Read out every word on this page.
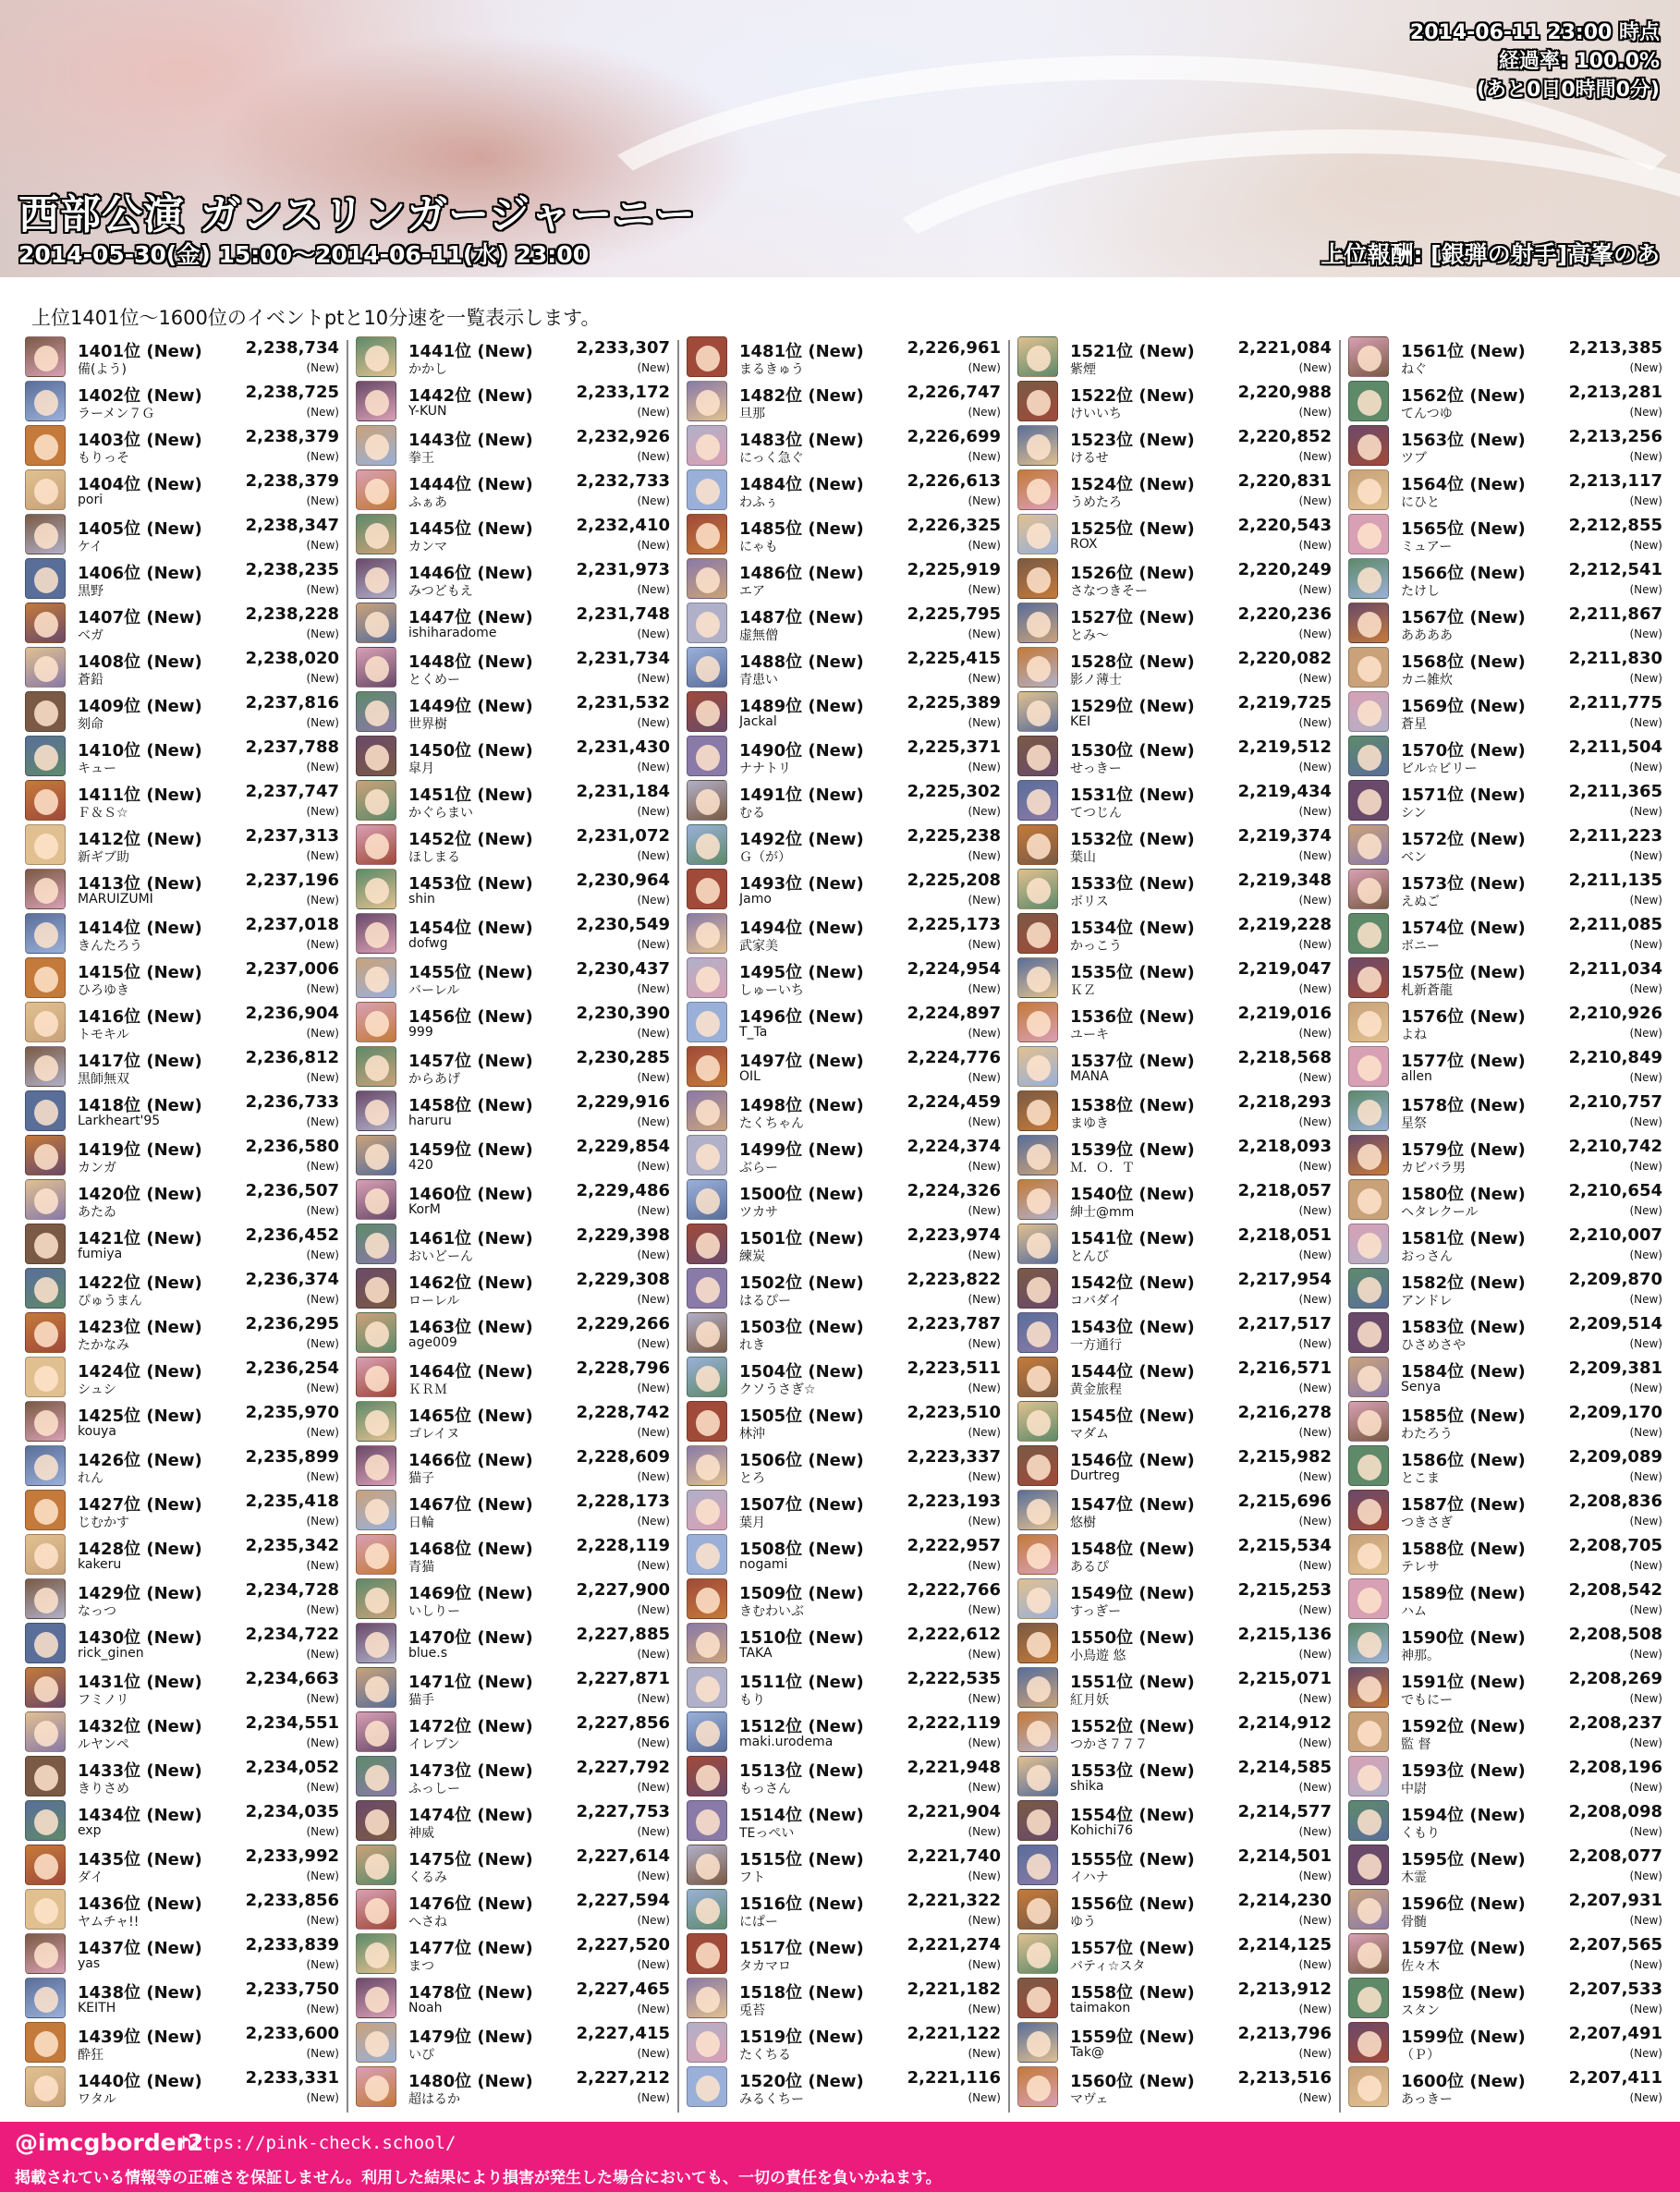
2014-06-11 23:00 時点
経過率: 100.0%
(あと0日0時間0分)
西部公演 ガンスリンガージャーニー
2014-05-30(金) 15:00～2014-06-11(水) 23:00	上位報酬: [銀弾の射手]高峯のあ
上位1401位～1600位のイベントptと10分速を一覧表示します。
1401位 (New)	2,238,734
備(よう)	(New)
1402位 (New)	2,238,725
ラーメン７Ｇ	(New)
1403位 (New)	2,238,379
もりっそ	(New)
1404位 (New)	2,238,379
pori	(New)
1405位 (New)	2,238,347
ケイ	(New)
1406位 (New)	2,238,235
黒野	(New)
1407位 (New)	2,238,228
ベガ	(New)
1408位 (New)	2,238,020
蒼鉛	(New)
1409位 (New)	2,237,816
刻命	(New)
1410位 (New)	2,237,788
キュー	(New)
1411位 (New)	2,237,747
Ｆ＆Ｓ☆	(New)
1412位 (New)	2,237,313
新ギブ助	(New)
1413位 (New)	2,237,196
MARUIZUMI	(New)
1414位 (New)	2,237,018
きんたろう	(New)
1415位 (New)	2,237,006
ひろゆき	(New)
1416位 (New)	2,236,904
トモキル	(New)
1417位 (New)	2,236,812
黒師無双	(New)
1418位 (New)	2,236,733
Larkheart'95	(New)
1419位 (New)	2,236,580
カンガ	(New)
1420位 (New)	2,236,507
あたゐ	(New)
1421位 (New)	2,236,452
fumiya	(New)
1422位 (New)	2,236,374
ぴゅうまん	(New)
1423位 (New)	2,236,295
たかなみ	(New)
1424位 (New)	2,236,254
シュシ	(New)
1425位 (New)	2,235,970
kouya	(New)
1426位 (New)	2,235,899
れん	(New)
1427位 (New)	2,235,418
じむかす	(New)
1428位 (New)	2,235,342
kakeru	(New)
1429位 (New)	2,234,728
なっつ	(New)
1430位 (New)	2,234,722
rick_ginen	(New)
1431位 (New)	2,234,663
フミノリ	(New)
1432位 (New)	2,234,551
ルヤンペ	(New)
1433位 (New)	2,234,052
きりさめ	(New)
1434位 (New)	2,234,035
exp	(New)
1435位 (New)	2,233,992
ダイ	(New)
1436位 (New)	2,233,856
ヤムチャ!!	(New)
1437位 (New)	2,233,839
yas	(New)
1438位 (New)	2,233,750
KEITH	(New)
1439位 (New)	2,233,600
酔狂	(New)
1440位 (New)	2,233,331
ワタル	(New)
1441位 (New)	2,233,307
かかし	(New)
1442位 (New)	2,233,172
Y-KUN	(New)
1443位 (New)	2,232,926
拳王	(New)
1444位 (New)	2,232,733
ふぁあ	(New)
1445位 (New)	2,232,410
カンマ	(New)
1446位 (New)	2,231,973
みつどもえ	(New)
1447位 (New)	2,231,748
ishiharadome	(New)
1448位 (New)	2,231,734
とくめー	(New)
1449位 (New)	2,231,532
世界樹	(New)
1450位 (New)	2,231,430
皐月	(New)
1451位 (New)	2,231,184
かぐらまい	(New)
1452位 (New)	2,231,072
ほしまる	(New)
1453位 (New)	2,230,964
shin	(New)
1454位 (New)	2,230,549
dofwg	(New)
1455位 (New)	2,230,437
バーレル	(New)
1456位 (New)	2,230,390
999	(New)
1457位 (New)	2,230,285
からあげ	(New)
1458位 (New)	2,229,916
haruru	(New)
1459位 (New)	2,229,854
420	(New)
1460位 (New)	2,229,486
KorM	(New)
1461位 (New)	2,229,398
おいどーん	(New)
1462位 (New)	2,229,308
ローレル	(New)
1463位 (New)	2,229,266
age009	(New)
1464位 (New)	2,228,796
ＫＲＭ	(New)
1465位 (New)	2,228,742
ゴレイヌ	(New)
1466位 (New)	2,228,609
猫子	(New)
1467位 (New)	2,228,173
日輪	(New)
1468位 (New)	2,228,119
青猫	(New)
1469位 (New)	2,227,900
いしりー	(New)
1470位 (New)	2,227,885
blue.s	(New)
1471位 (New)	2,227,871
猫手	(New)
1472位 (New)	2,227,856
イレブン	(New)
1473位 (New)	2,227,792
ふっしー	(New)
1474位 (New)	2,227,753
神威	(New)
1475位 (New)	2,227,614
くるみ	(New)
1476位 (New)	2,227,594
へさね	(New)
1477位 (New)	2,227,520
まつ	(New)
1478位 (New)	2,227,465
Noah	(New)
1479位 (New)	2,227,415
いぴ	(New)
1480位 (New)	2,227,212
超はるか	(New)
1481位 (New)	2,226,961
まるきゅう	(New)
1482位 (New)	2,226,747
旦那	(New)
1483位 (New)	2,226,699
にっく急ぐ	(New)
1484位 (New)	2,226,613
わふぅ	(New)
1485位 (New)	2,226,325
にゃも	(New)
1486位 (New)	2,225,919
エア	(New)
1487位 (New)	2,225,795
虚無僧	(New)
1488位 (New)	2,225,415
青患い	(New)
1489位 (New)	2,225,389
Jackal	(New)
1490位 (New)	2,225,371
ナナトリ	(New)
1491位 (New)	2,225,302
むる	(New)
1492位 (New)	2,225,238
Ｇ（が）	(New)
1493位 (New)	2,225,208
Jamo	(New)
1494位 (New)	2,225,173
武家美	(New)
1495位 (New)	2,224,954
しゅーいち	(New)
1496位 (New)	2,224,897
T_Ta	(New)
1497位 (New)	2,224,776
OIL	(New)
1498位 (New)	2,224,459
たくちゃん	(New)
1499位 (New)	2,224,374
ぶらー	(New)
1500位 (New)	2,224,326
ツカサ	(New)
1501位 (New)	2,223,974
練炭	(New)
1502位 (New)	2,223,822
はるぴー	(New)
1503位 (New)	2,223,787
れき	(New)
1504位 (New)	2,223,511
クソうさぎ☆	(New)
1505位 (New)	2,223,510
林沖	(New)
1506位 (New)	2,223,337
とろ	(New)
1507位 (New)	2,223,193
葉月	(New)
1508位 (New)	2,222,957
nogami	(New)
1509位 (New)	2,222,766
きむわいぶ	(New)
1510位 (New)	2,222,612
TAKA	(New)
1511位 (New)	2,222,535
もり	(New)
1512位 (New)	2,222,119
maki.urodema	(New)
1513位 (New)	2,221,948
もっさん	(New)
1514位 (New)	2,221,904
TEっぺい	(New)
1515位 (New)	2,221,740
フト	(New)
1516位 (New)	2,221,322
にぱー	(New)
1517位 (New)	2,221,274
タカマロ	(New)
1518位 (New)	2,221,182
兎苔	(New)
1519位 (New)	2,221,122
たくちる	(New)
1520位 (New)	2,221,116
みるくちー	(New)
1521位 (New)	2,221,084
紫煙	(New)
1522位 (New)	2,220,988
けいいち	(New)
1523位 (New)	2,220,852
けるせ	(New)
1524位 (New)	2,220,831
うめたろ	(New)
1525位 (New)	2,220,543
ROX	(New)
1526位 (New)	2,220,249
さなつきそー	(New)
1527位 (New)	2,220,236
とみ～	(New)
1528位 (New)	2,220,082
影ノ薄士	(New)
1529位 (New)	2,219,725
KEI	(New)
1530位 (New)	2,219,512
せっきー	(New)
1531位 (New)	2,219,434
てつじん	(New)
1532位 (New)	2,219,374
葉山	(New)
1533位 (New)	2,219,348
ボリス	(New)
1534位 (New)	2,219,228
かっこう	(New)
1535位 (New)	2,219,047
ＫＺ	(New)
1536位 (New)	2,219,016
ユーキ	(New)
1537位 (New)	2,218,568
MANA	(New)
1538位 (New)	2,218,293
まゆき	(New)
1539位 (New)	2,218,093
Ｍ．Ｏ．Ｔ	(New)
1540位 (New)	2,218,057
紳士@mm	(New)
1541位 (New)	2,218,051
とんび	(New)
1542位 (New)	2,217,954
コバダイ	(New)
1543位 (New)	2,217,517
一方通行	(New)
1544位 (New)	2,216,571
黄金旅程	(New)
1545位 (New)	2,216,278
マダム	(New)
1546位 (New)	2,215,982
Durtreg	(New)
1547位 (New)	2,215,696
悠樹	(New)
1548位 (New)	2,215,534
あるぴ	(New)
1549位 (New)	2,215,253
すっぎー	(New)
1550位 (New)	2,215,136
小鳥遊 悠	(New)
1551位 (New)	2,215,071
紅月妖	(New)
1552位 (New)	2,214,912
つかさ７７７	(New)
1553位 (New)	2,214,585
shika	(New)
1554位 (New)	2,214,577
Kohichi76	(New)
1555位 (New)	2,214,501
イハナ	(New)
1556位 (New)	2,214,230
ゆう	(New)
1557位 (New)	2,214,125
バティ☆スタ	(New)
1558位 (New)	2,213,912
taimakon	(New)
1559位 (New)	2,213,796
Tak@	(New)
1560位 (New)	2,213,516
マヴェ	(New)
1561位 (New)	2,213,385
ねぐ	(New)
1562位 (New)	2,213,281
てんつゆ	(New)
1563位 (New)	2,213,256
ツブ	(New)
1564位 (New)	2,213,117
にひと	(New)
1565位 (New)	2,212,855
ミュアー	(New)
1566位 (New)	2,212,541
たけし	(New)
1567位 (New)	2,211,867
ああああ	(New)
1568位 (New)	2,211,830
カニ雑炊	(New)
1569位 (New)	2,211,775
蒼星	(New)
1570位 (New)	2,211,504
ビル☆ビリー	(New)
1571位 (New)	2,211,365
シン	(New)
1572位 (New)	2,211,223
ベン	(New)
1573位 (New)	2,211,135
えぬご	(New)
1574位 (New)	2,211,085
ボニー	(New)
1575位 (New)	2,211,034
札新蒼龍	(New)
1576位 (New)	2,210,926
よね	(New)
1577位 (New)	2,210,849
allen	(New)
1578位 (New)	2,210,757
星祭	(New)
1579位 (New)	2,210,742
カピバラ男	(New)
1580位 (New)	2,210,654
ヘタレクール	(New)
1581位 (New)	2,210,007
おっさん	(New)
1582位 (New)	2,209,870
アンドレ	(New)
1583位 (New)	2,209,514
ひさめさや	(New)
1584位 (New)	2,209,381
Senya	(New)
1585位 (New)	2,209,170
わたろう	(New)
1586位 (New)	2,209,089
とこま	(New)
1587位 (New)	2,208,836
つきさぎ	(New)
1588位 (New)	2,208,705
テレサ	(New)
1589位 (New)	2,208,542
ハム	(New)
1590位 (New)	2,208,508
神那。	(New)
1591位 (New)	2,208,269
でもにー	(New)
1592位 (New)	2,208,237
監 督	(New)
1593位 (New)	2,208,196
中尉	(New)
1594位 (New)	2,208,098
くもり	(New)
1595位 (New)	2,208,077
木霊	(New)
1596位 (New)	2,207,931
骨髄	(New)
1597位 (New)	2,207,565
佐々木	(New)
1598位 (New)	2,207,533
スタン	(New)
1599位 (New)	2,207,491
（Ｐ）	(New)
1600位 (New)	2,207,411
あっきー	(New)
@imcgborder2
https://pink-check.school/
掲載されている情報等の正確さを保証しません。利用した結果により損害が発生した場合においても、一切の責任を負いかねます。
